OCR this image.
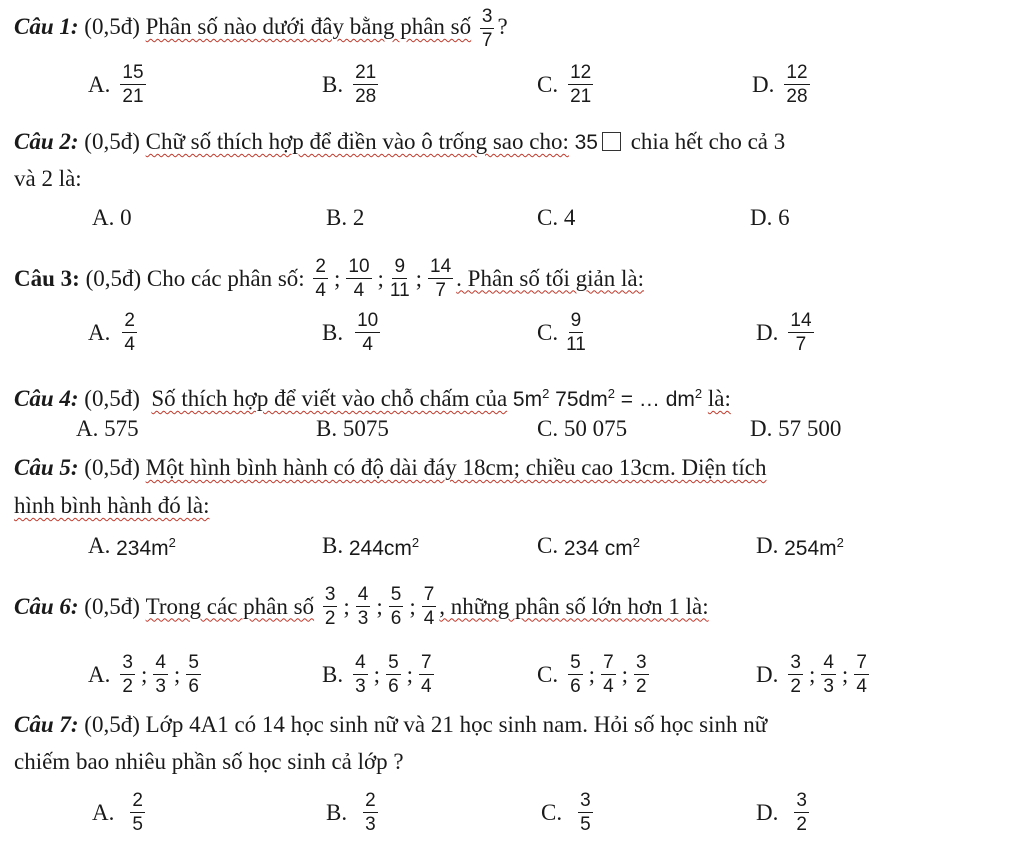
Câu 1: (0,5đ) Phân số nào dưới đây bằng phân số $\frac{3}{7}$ ?
A. $\frac{15}{21}$	B. $\frac{21}{28}$	C. $\frac{12}{21}$	D. $\frac{12}{28}$
Câu 2: (0,5đ) Chữ số thích hợp để điền vào ô trống sao cho: 35 chia hết cho cả 3
và 2 là:
A.
0	B.
2	C.
4	D.
6
Câu 3:
(0,5đ)
Cho các phân số:
$\frac{2}{4}$ ; $\frac{10}{4}$ ; $\frac{9}{11}$ ; $\frac{14}{7}$ . Phân số tối giản là:
A. $\frac{2}{4}$	B. $\frac{10}{4}$	C. $\frac{9}{11}$	D. $\frac{14}{7}$
Câu 4: (0,5đ) Số thích hợp để viết vào chỗ chấm của $5m^2$ $75dm^2$ = … $dm^2$ là:
A.
575	B.
5075	C.
50 075	D.
57 500
Câu 5: (0,5đ) Một hình bình hành có độ dài đáy 18cm; chiều cao 13cm. Diện tích
hình bình hành đó là:
A.
$234m^2$	B.
$244cm^2$	C.
234 $cm^2$	D.
$254m^2$
Câu 6:
(0,5đ)
Trong các phân số
$\frac{3}{2}$ ; $\frac{4}{3}$ ; $\frac{5}{6}$ ; $\frac{7}{4}$ , những phân số lớn hơn 1 là:
A. $\frac{3}{2}$ ; $\frac{4}{3}$ ; $\frac{5}{6}$	B. $\frac{4}{3}$ ; $\frac{5}{6}$ ; $\frac{7}{4}$	C. $\frac{5}{6}$ ; $\frac{7}{4}$ ; $\frac{3}{2}$	D. $\frac{3}{2}$ ; $\frac{4}{3}$ ; $\frac{7}{4}$
Câu 7: (0,5đ) Lớp 4A1 có 14 học sinh nữ và 21 học sinh nam. Hỏi số học sinh nữ
chiếm bao nhiêu phần số học sinh cả lớp ?
A. $\frac{2}{5}$	B. $\frac{2}{3}$	C. $\frac{3}{5}$	D. $\frac{3}{2}$
